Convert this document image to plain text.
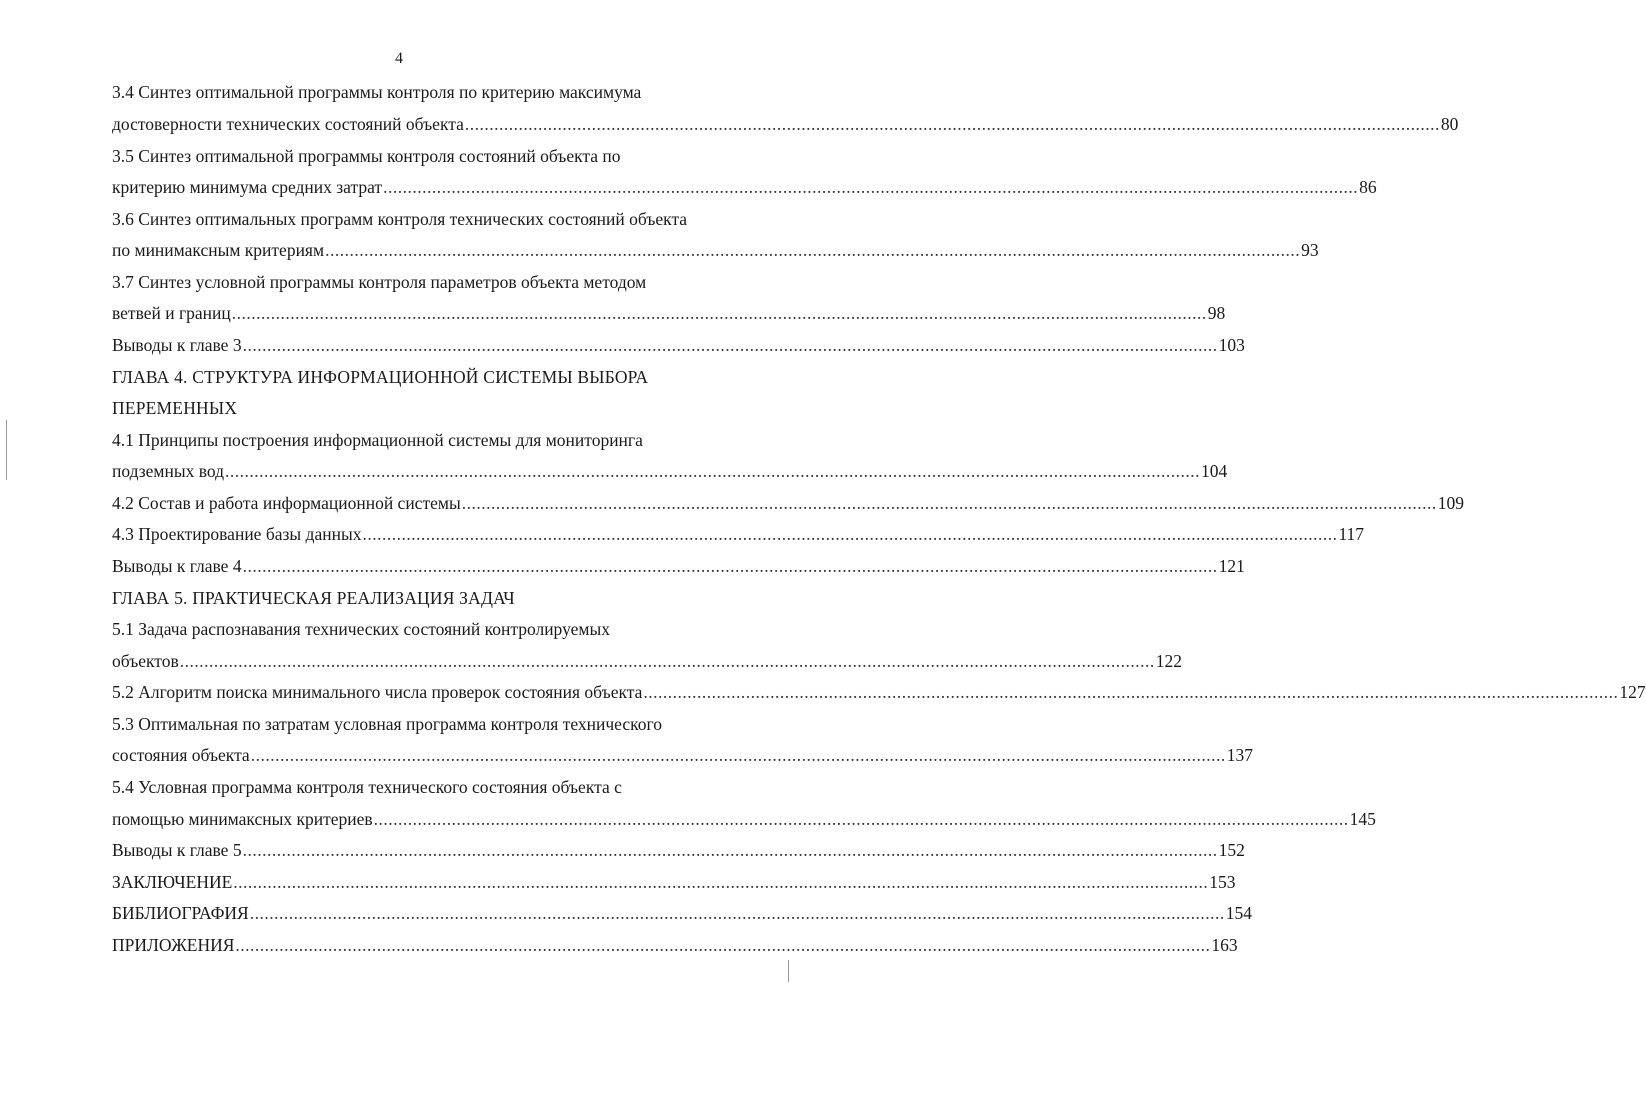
4
3.4 Синтез оптимальной программы контроля по критерию максимума
достоверности технических состояний объекта ........................................................................................................................................................................................................ 80
3.5 Синтез оптимальной программы контроля состояний объекта по
критерию минимума средних затрат ........................................................................................................................................................................................................ 86
3.6 Синтез оптимальных программ контроля технических состояний объекта
по минимаксным критериям ........................................................................................................................................................................................................ 93
3.7 Синтез условной программы контроля параметров объекта методом
ветвей и границ ........................................................................................................................................................................................................ 98
Выводы к главе 3 ........................................................................................................................................................................................................ 103
ГЛАВА 4. СТРУКТУРА ИНФОРМАЦИОННОЙ СИСТЕМЫ ВЫБОРА
ПЕРЕМЕННЫХ
4.1 Принципы построения информационной системы для мониторинга
подземных вод ........................................................................................................................................................................................................ 104
4.2 Состав и работа информационной системы ........................................................................................................................................................................................................ 109
4.3 Проектирование базы данных ........................................................................................................................................................................................................ 117
Выводы к главе 4 ........................................................................................................................................................................................................ 121
ГЛАВА 5. ПРАКТИЧЕСКАЯ РЕАЛИЗАЦИЯ ЗАДАЧ
5.1 Задача распознавания технических состояний контролируемых
объектов ........................................................................................................................................................................................................ 122
5.2 Алгоритм поиска минимального числа проверок состояния объекта ........................................................................................................................................................................................................ 127
5.3 Оптимальная по затратам условная программа контроля технического
состояния объекта ........................................................................................................................................................................................................ 137
5.4 Условная программа контроля технического состояния объекта с
помощью минимаксных критериев ........................................................................................................................................................................................................ 145
Выводы к главе 5 ........................................................................................................................................................................................................ 152
ЗАКЛЮЧЕНИЕ ........................................................................................................................................................................................................ 153
БИБЛИОГРАФИЯ ........................................................................................................................................................................................................ 154
ПРИЛОЖЕНИЯ ........................................................................................................................................................................................................ 163
